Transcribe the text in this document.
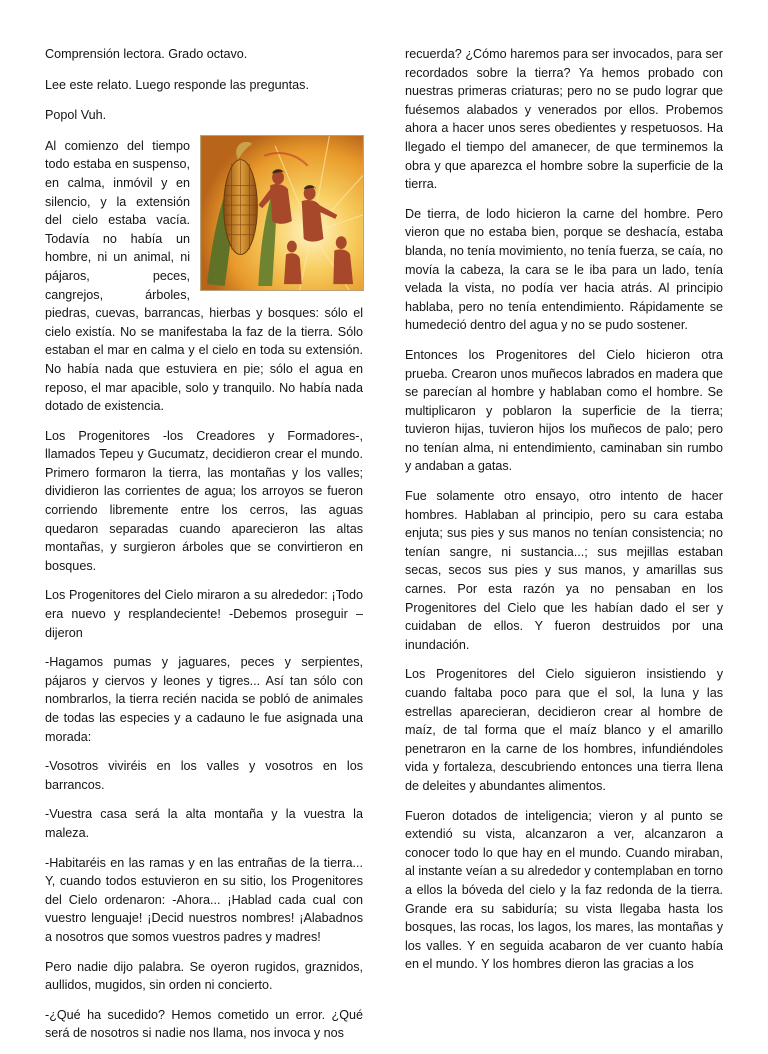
Comprensión lectora. Grado octavo.

Lee este relato. Luego responde las preguntas.

Popol Vuh.

Al comienzo del tiempo todo estaba en suspenso, en calma, inmóvil y en silencio, y la extensión del cielo estaba vacía. Todavía no había un hombre, ni un animal, ni pájaros, peces, cangrejos, árboles, piedras, cuevas, barrancas, hierbas y bosques: sólo el cielo existía. No se manifestaba la faz de la tierra. Sólo estaban el mar en calma y el cielo en toda su extensión. No había nada que estuviera en pie; sólo el agua en reposo, el mar apacible, solo y tranquilo. No había nada dotado de existencia.

Los Progenitores -los Creadores y Formadores-, llamados Tepeu y Gucumatz, decidieron crear el mundo. Primero formaron la tierra, las montañas y los valles; dividieron las corrientes de agua; los arroyos se fueron corriendo libremente entre los cerros, las aguas quedaron separadas cuando aparecieron las altas montañas, y surgieron árboles que se convirtieron en bosques.

Los Progenitores del Cielo miraron a su alrededor: ¡Todo era nuevo y resplandeciente! -Debemos proseguir – dijeron

-Hagamos pumas y jaguares, peces y serpientes, pájaros y ciervos y leones y tigres... Así tan sólo con nombrarlos, la tierra recién nacida se pobló de animales de todas las especies y a cadauno le fue asignada una morada:

-Vosotros viviréis en los valles y vosotros en los barrancos.

-Vuestra casa será la alta montaña y la vuestra la maleza.

-Habitaréis en las ramas y en las entrañas de la tierra... Y, cuando todos estuvieron en su sitio, los Progenitores del Cielo ordenaron: -Ahora... ¡Hablad cada cual con vuestro lenguaje! ¡Decid nuestros nombres! ¡Alabadnos a nosotros que somos vuestros padres y madres!

Pero nadie dijo palabra. Se oyeron rugidos, graznidos, aullidos, mugidos, sin orden ni concierto.

-¿Qué ha sucedido? Hemos cometido un error. ¿Qué será de nosotros si nadie nos llama, nos invoca y nos

recuerda? ¿Cómo haremos para ser invocados, para ser recordados sobre la tierra? Ya hemos probado con nuestras primeras criaturas; pero no se pudo lograr que fuésemos alabados y venerados por ellos. Probemos ahora a hacer unos seres obedientes y respetuosos. Ha llegado el tiempo del amanecer, de que terminemos la obra y que aparezca el hombre sobre la superficie de la tierra.

De tierra, de lodo hicieron la carne del hombre. Pero vieron que no estaba bien, porque se deshacía, estaba blanda, no tenía movimiento, no tenía fuerza, se caía, no movía la cabeza, la cara se le iba para un lado, tenía velada la vista, no podía ver hacia atrás. Al principio hablaba, pero no tenía entendimiento. Rápidamente se humedeció dentro del agua y no se pudo sostener.

Entonces los Progenitores del Cielo hicieron otra prueba. Crearon unos muñecos labrados en madera que se parecían al hombre y hablaban como el hombre. Se multiplicaron y poblaron la superficie de la tierra; tuvieron hijas, tuvieron hijos los muñecos de palo; pero no tenían alma, ni entendimiento, caminaban sin rumbo y andaban a gatas.

Fue solamente otro ensayo, otro intento de hacer hombres. Hablaban al principio, pero su cara estaba enjuta; sus pies y sus manos no tenían consistencia; no tenían sangre, ni sustancia...; sus mejillas estaban secas, secos sus pies y sus manos, y amarillas sus carnes. Por esta razón ya no pensaban en los Progenitores del Cielo que les habían dado el ser y cuidaban de ellos. Y fueron destruidos por una inundación.

Los Progenitores del Cielo siguieron insistiendo y cuando faltaba poco para que el sol, la luna y las estrellas aparecieran, decidieron crear al hombre de maíz, de tal forma que el maíz blanco y el amarillo penetraron en la carne de los hombres, infundiéndoles vida y fortaleza, descubriendo entonces una tierra llena de deleites y abundantes alimentos.

Fueron dotados de inteligencia; vieron y al punto se extendió su vista, alcanzaron a ver, alcanzaron a conocer todo lo que hay en el mundo. Cuando miraban, al instante veían a su alrededor y contemplaban en torno a ellos la bóveda del cielo y la faz redonda de la tierra. Grande era su sabiduría; su vista llegaba hasta los bosques, las rocas, los lagos, los mares, las montañas y los valles. Y en seguida acabaron de ver cuanto había en el mundo. Y los hombres dieron las gracias a los
